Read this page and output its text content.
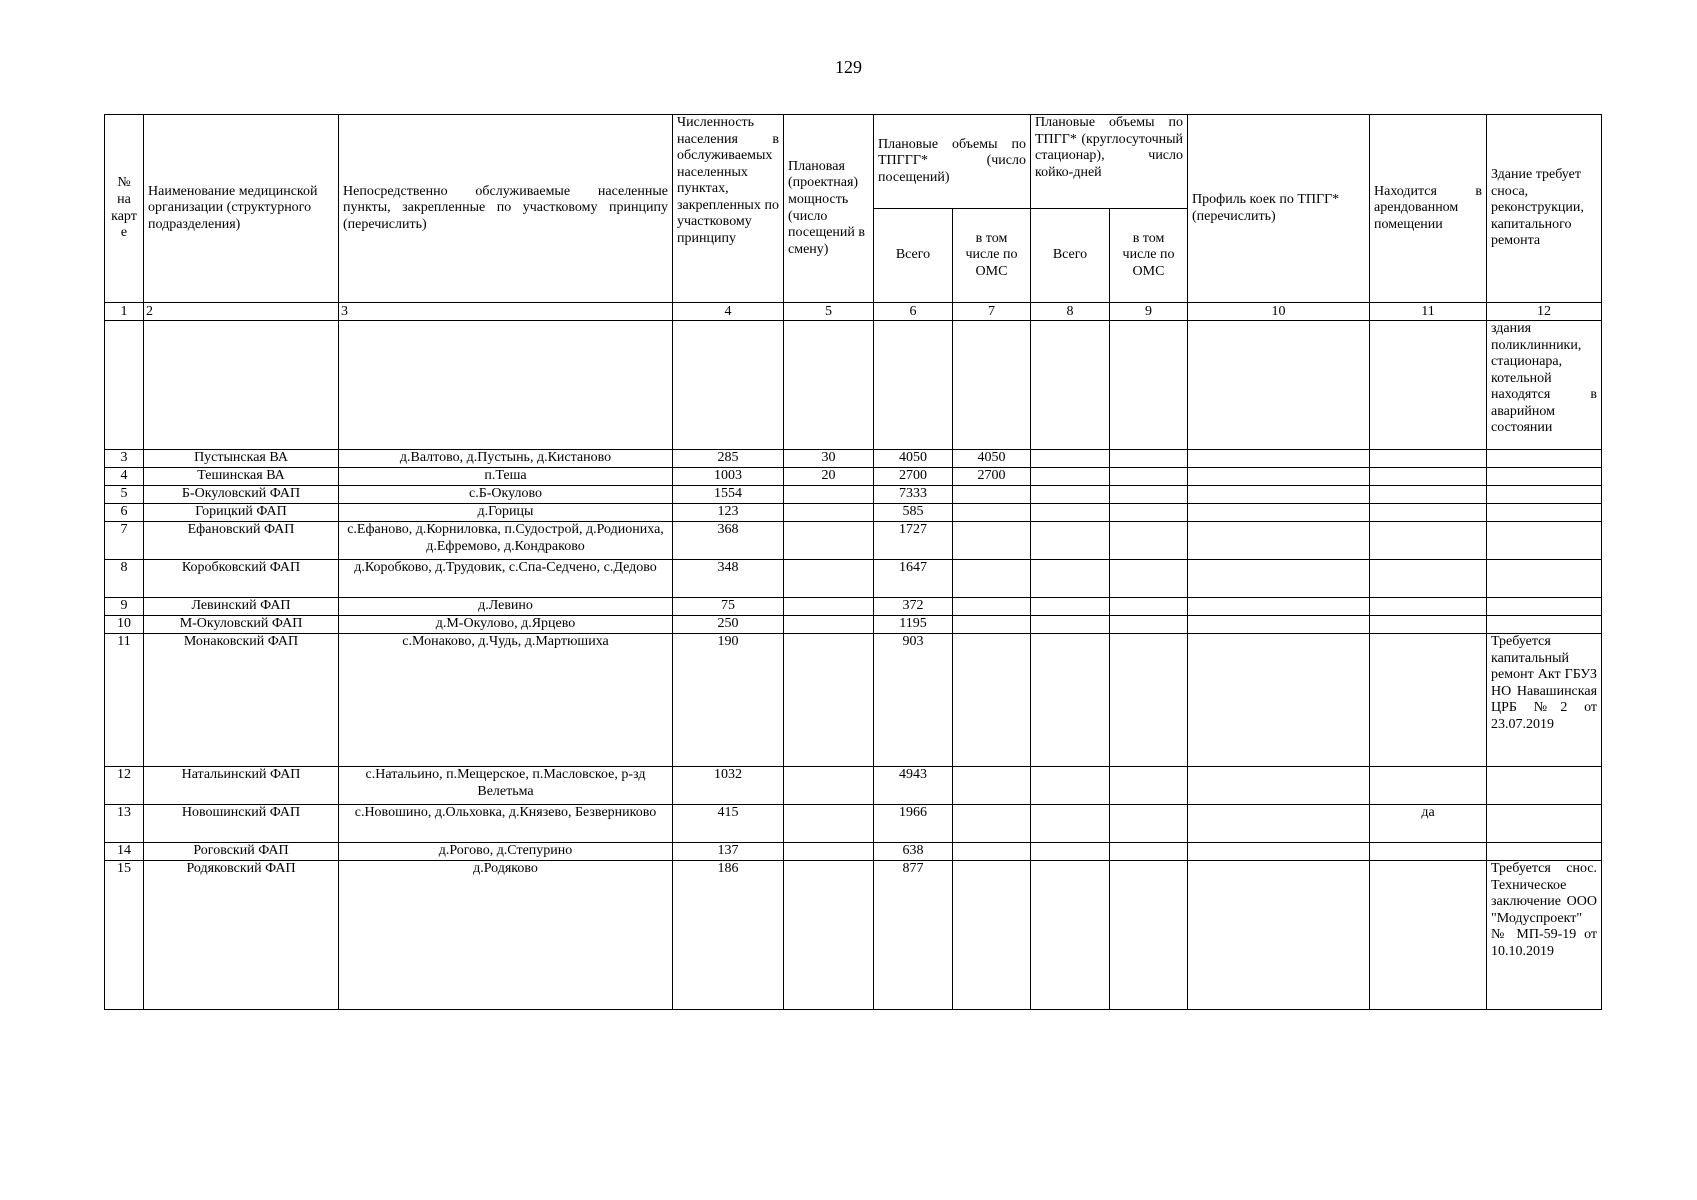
129
№ на карте	Наименование медицинской организации (структурного подразделения)	Непосредственно обслуживаемые населенные пункты, закрепленные по участковому принципу (перечислить)	Численность населения в обслуживаемых населенных пунктах, закрепленных по участковому принципу	Плановая (проектная) мощность (число посещений в смену)	Плановые объемы по ТПГГГ* (число посещений)		Плановые объемы по ТПГГ* (круглосуточный стационар), число койко-дней		Профиль коек по ТПГГ* (перечислить)	Находится в арендованном помещении	Здание требует сноса, реконструкции, капитального ремонта
					Всего	в том числе по ОМС	Всего	в том числе по ОМС			
1	2	3	4	5	6	7	8	9	10	11	12
											здания поликлинники, стационара, котельной находятся в аварийном состоянии
3	Пустынская ВА	д.Валтово, д.Пустынь, д.Кистаново	285	30	4050	4050					
4	Тешинская ВА	п.Теша	1003	20	2700	2700					
5	Б-Окуловский ФАП	с.Б-Окулово	1554		7333						
6	Горицкий ФАП	д.Горицы	123		585						
7	Ефановский ФАП	с.Ефаново, д.Корниловка, п.Судострой, д.Родиониха, д.Ефремово, д.Кондраково	368		1727						
8	Коробковский ФАП	д.Коробково, д.Трудовик, с.Спа-Седчено, с.Дедово	348		1647						
9	Левинский ФАП	д.Левино	75		372						
10	М-Окуловский ФАП	д.М-Окулово, д.Ярцево	250		1195						
11	Монаковский ФАП	с.Монаково, д.Чудь, д.Мартюшиха	190		903						Требуется капитальный ремонт Акт ГБУЗ НО Навашинская ЦРБ №2 от 23.07.2019
12	Натальинский ФАП	с.Натальино, п.Мещерское, п.Масловское, р-зд Велетьма	1032		4943						
13	Новошинский ФАП	с.Новошино, д.Ольховка, д.Князево, Безверниково	415		1966					да	
14	Роговский ФАП	д.Рогово, д.Степурино	137		638						
15	Родяковский ФАП	д.Родяково	186		877						Требуется снос. Техническое заключение ООО "Модуспроект" № МП-59-19 от 10.10.2019
